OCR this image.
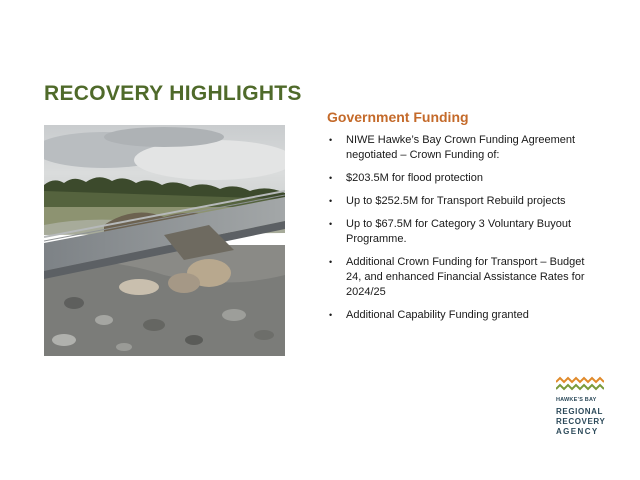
RECOVERY HIGHLIGHTS
Government Funding
• NIWE Hawke’s Bay Crown Funding Agreement negotiated – Crown Funding of:
• $203.5M for flood protection
• Up to $252.5M for Transport Rebuild projects
• Up to $67.5M for Category 3 Voluntary Buyout Programme.
• Additional Crown Funding for Transport – Budget 24, and enhanced Financial Assistance Rates for 2024/25
• Additional Capability Funding granted

HAWKE’S BAY

REGIONAL

RECOVERY

AGENCY
